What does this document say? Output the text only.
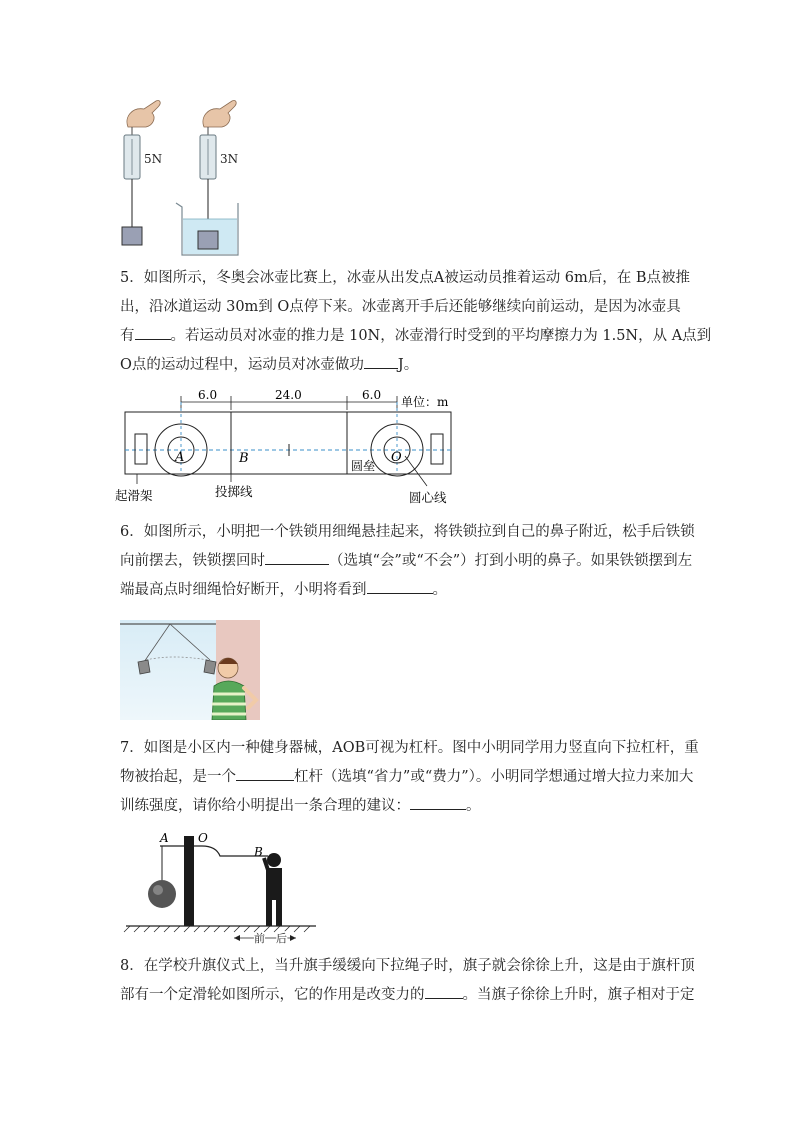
5N	3N
5．如图所示，冬奥会冰壶比赛上，冰壶从出发点A被运动员推着运动 6m后，在 B点被推
出，沿冰道运动 30m到 O点停下来。冰壶离开手后还能够继续向前运动，是因为冰壶具
有 。若运动员对冰壶的推力是 10N，冰壶滑行时受到的平均摩擦力为 1.5N，从 A点到
O点的运动过程中，运动员对冰壶做功 J。
6.0	24.0	6.0 单位：m
A	B	O
圆垒
起滑架	投掷线	圆心线
6．如图所示，小明把一个铁锁用细绳悬挂起来，将铁锁拉到自己的鼻子附近，松手后铁锁
向前摆去，铁锁摆回时	（选填“会”或“不会”）打到小明的鼻子。如果铁锁摆到左
端最高点时细绳恰好断开，小明将看到	。
7．如图是小区内一种健身器械，AOB可视为杠杆。图中小明同学用力竖直向下拉杠杆，重
物被抬起，是一个	杠杆（选填“省力”或“费力”）。小明同学想通过增大拉力来加大
训练强度，请你给小明提出一条合理的建议：	。
A O
B
前 后
8．在学校升旗仪式上，当升旗手缓缓向下拉绳子时，旗子就会徐徐上升，这是由于旗杆顶
部有一个定滑轮如图所示，它的作用是改变力的	。当旗子徐徐上升时，旗子相对于定
